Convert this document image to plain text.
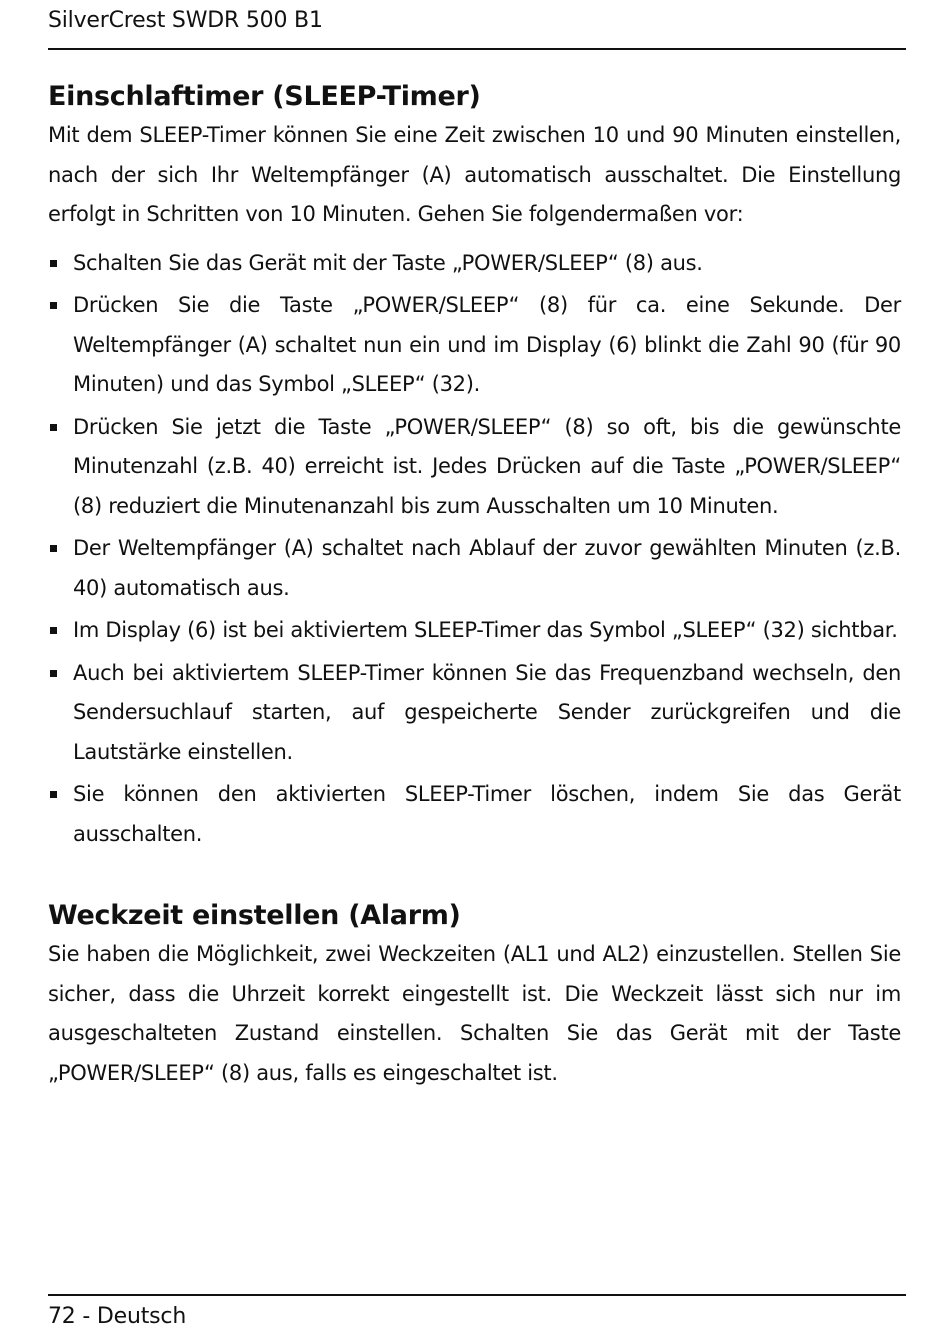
SilverCrest SWDR 500 B1
Einschlaftimer (SLEEP-Timer)

Mit dem SLEEP-Timer können Sie eine Zeit zwischen 10 und 90 Minuten einstellen, nach der sich Ihr Weltempfänger (A) automatisch ausschaltet. Die Einstellung erfolgt in Schritten von 10 Minuten. Gehen Sie folgendermaßen vor:

Schalten Sie das Gerät mit der Taste „POWER/SLEEP“ (8) aus.
Drücken Sie die Taste „POWER/SLEEP“ (8) für ca. eine Sekunde. Der Weltempfänger (A) schaltet nun ein und im Display (6) blinkt die Zahl 90 (für 90 Minuten) und das Symbol „SLEEP“ (32).
Drücken Sie jetzt die Taste „POWER/SLEEP“ (8) so oft, bis die gewünschte Minutenzahl (z.B. 40) erreicht ist. Jedes Drücken auf die Taste „POWER/SLEEP“ (8) reduziert die Minutenanzahl bis zum Ausschalten um 10 Minuten.
Der Weltempfänger (A) schaltet nach Ablauf der zuvor gewählten Minuten (z.B. 40) automatisch aus.
Im Display (6) ist bei aktiviertem SLEEP-Timer das Symbol „SLEEP“ (32) sichtbar.
Auch bei aktiviertem SLEEP-Timer können Sie das Frequenzband wechseln, den Sendersuchlauf starten, auf gespeicherte Sender zurückgreifen und die Lautstärke einstellen.
Sie können den aktivierten SLEEP-Timer löschen, indem Sie das Gerät ausschalten.
Weckzeit einstellen (Alarm)

Sie haben die Möglichkeit, zwei Weckzeiten (AL1 und AL2) einzustellen. Stellen Sie sicher, dass die Uhrzeit korrekt eingestellt ist. Die Weckzeit lässt sich nur im ausgeschalteten Zustand einstellen. Schalten Sie das Gerät mit der Taste „POWER/SLEEP“ (8) aus, falls es eingeschaltet ist.

72 - Deutsch
